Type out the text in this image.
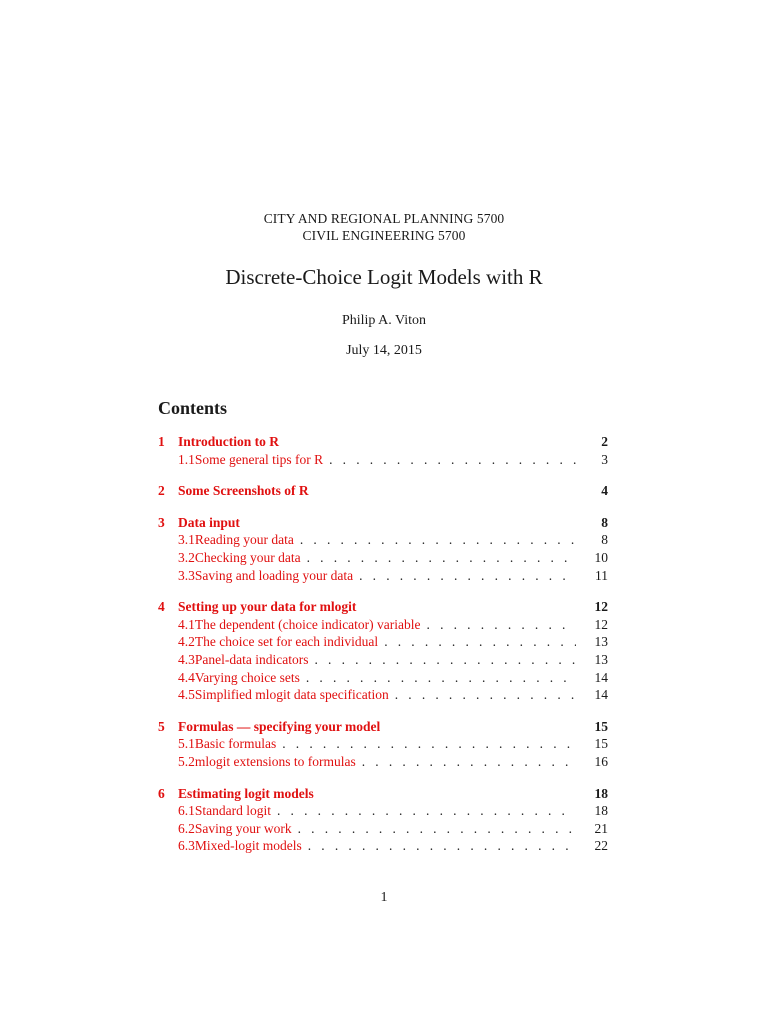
CITY AND REGIONAL PLANNING 5700
CIVIL ENGINEERING 5700
Discrete-Choice Logit Models with R
Philip A. Viton
July 14, 2015
Contents
1 Introduction to R	2
1.1 Some general tips for R . . .	3
2 Some Screenshots of R	4
3 Data input	8
3.1 Reading your data . . .	8
3.2 Checking your data . . .	10
3.3 Saving and loading your data . . .	11
4 Setting up your data for mlogit	12
4.1 The dependent (choice indicator) variable . . .	12
4.2 The choice set for each individual . . .	13
4.3 Panel-data indicators . . .	13
4.4 Varying choice sets . . .	14
4.5 Simplified mlogit data specification . . .	14
5 Formulas — specifying your model	15
5.1 Basic formulas . . .	15
5.2 mlogit extensions to formulas . . .	16
6 Estimating logit models	18
6.1 Standard logit . . .	18
6.2 Saving your work . . .	21
6.3 Mixed-logit models . . .	22
1
